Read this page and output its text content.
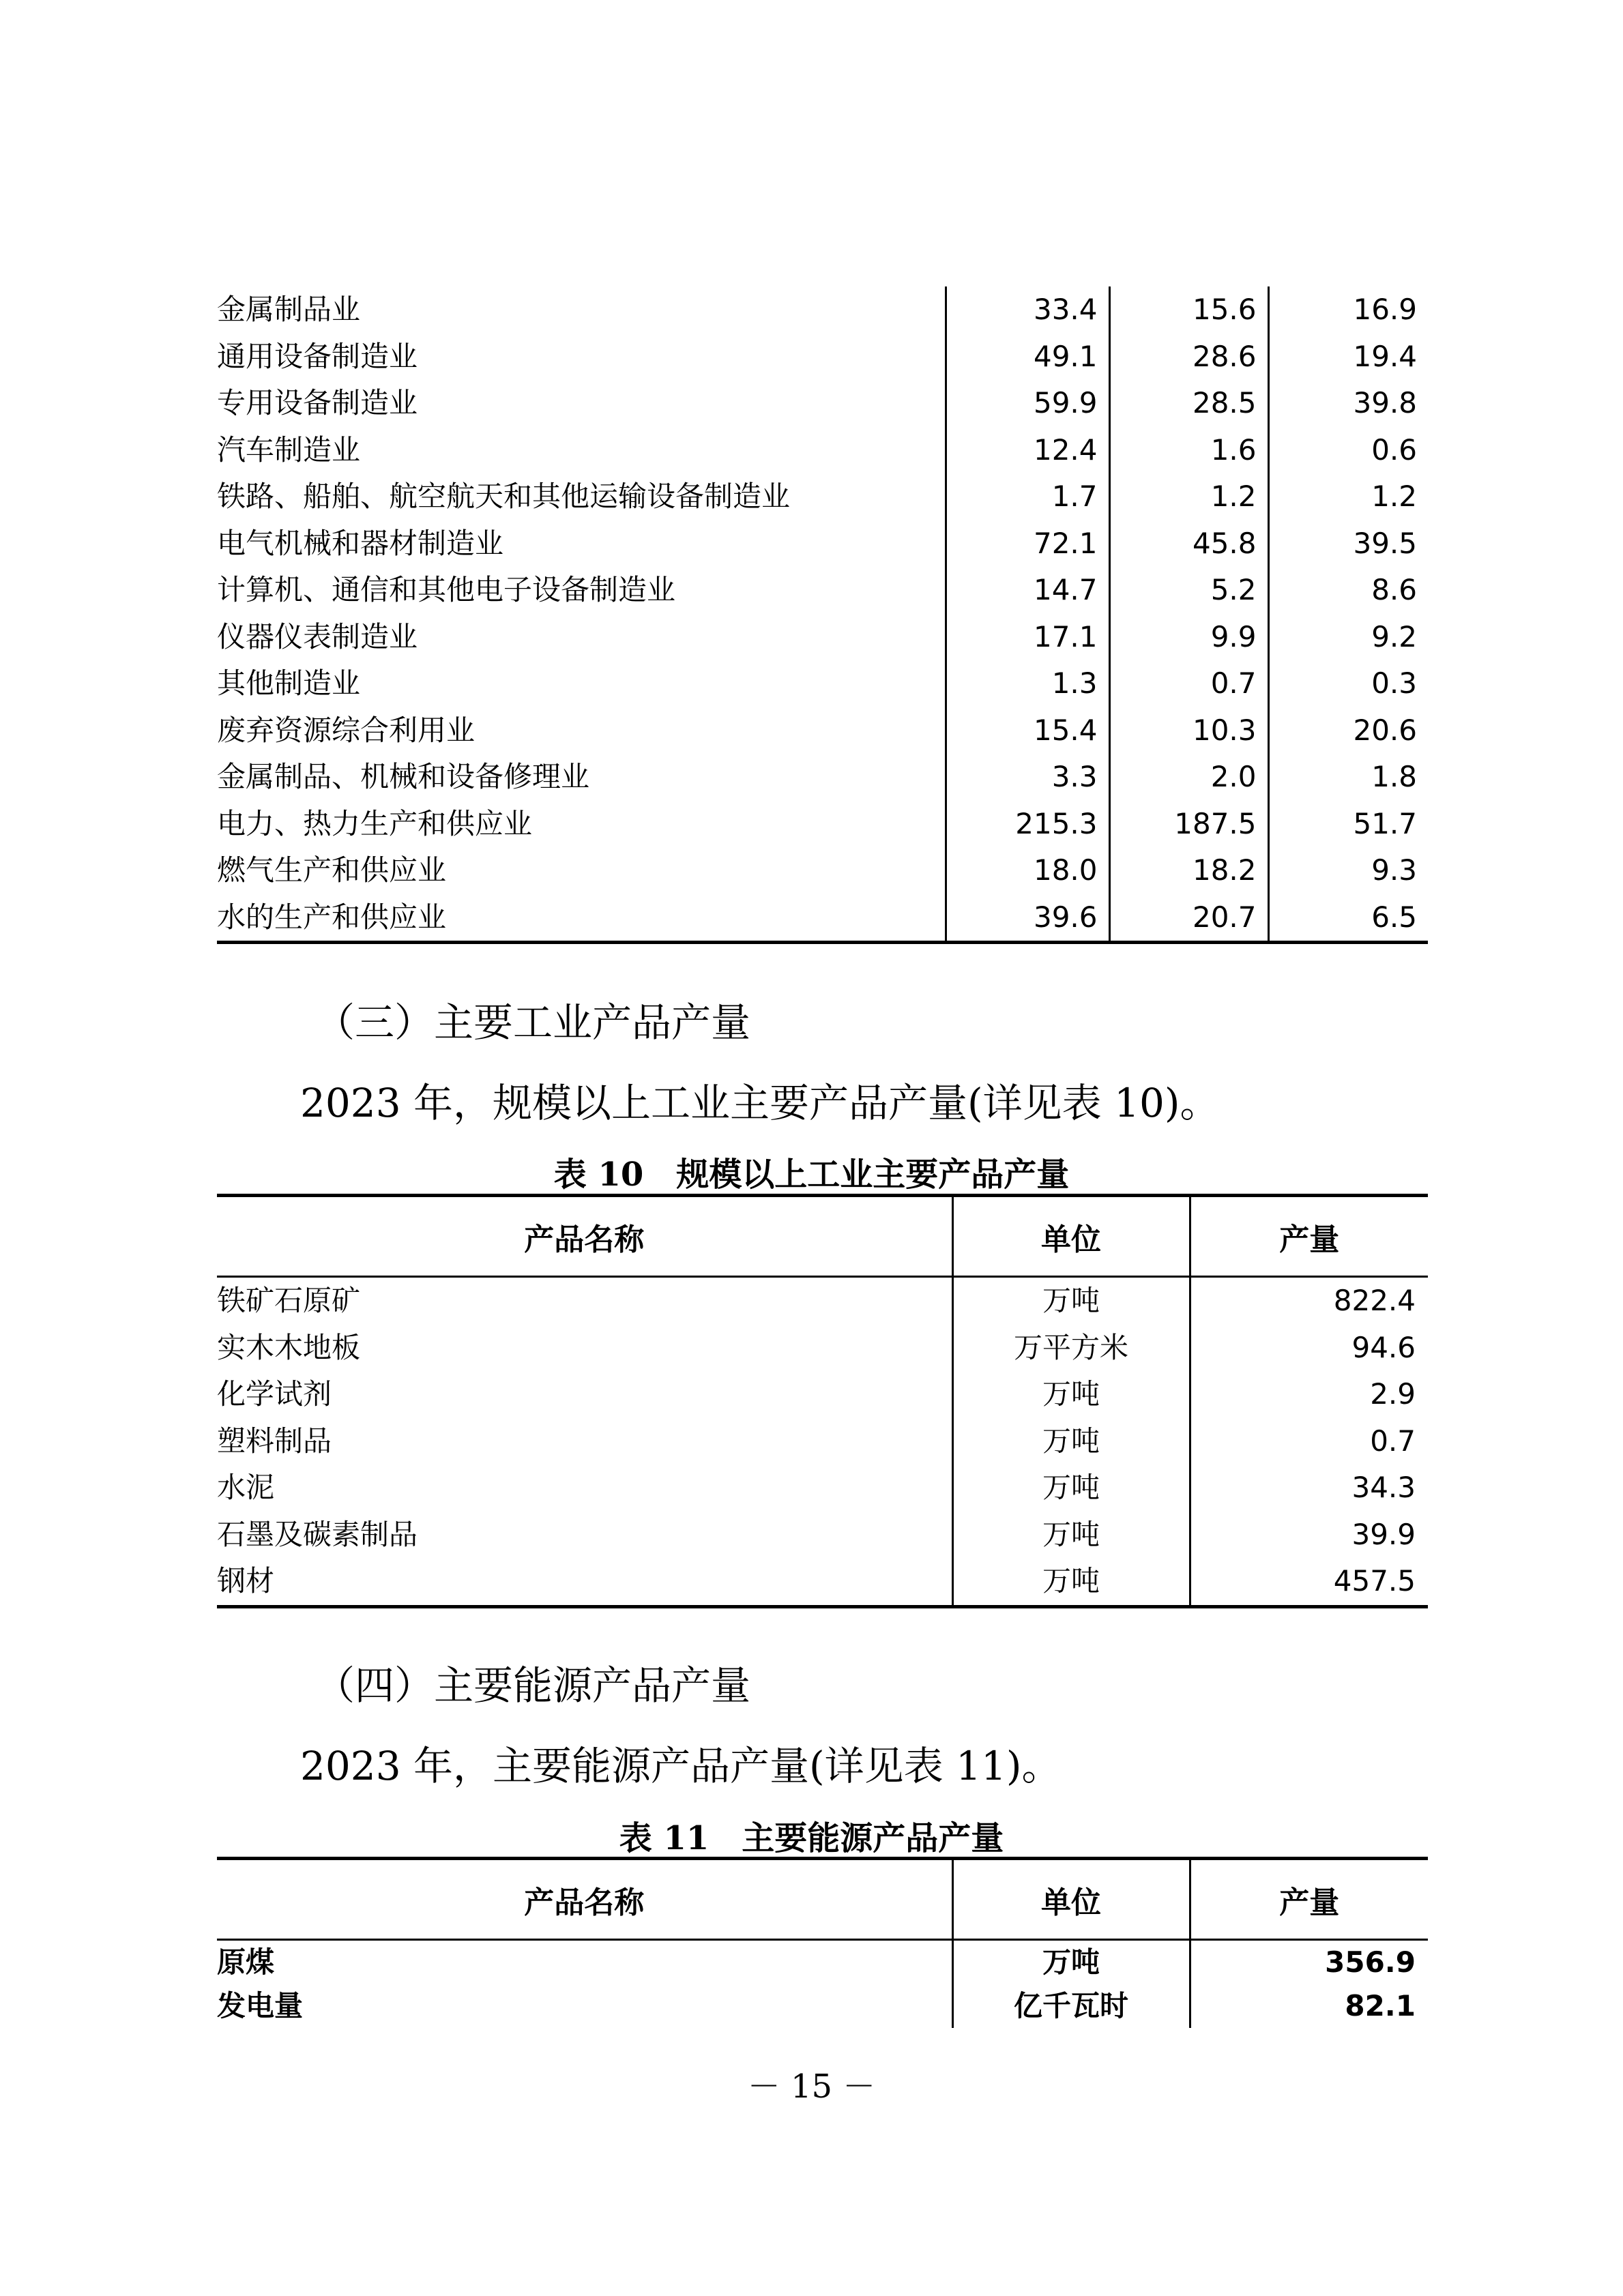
金属制品业	33.4	15.6	16.9
通用设备制造业	49.1	28.6	19.4
专用设备制造业	59.9	28.5	39.8
汽车制造业	12.4	1.6	0.6
铁路、船舶、航空航天和其他运输设备制造业	1.7	1.2	1.2
电气机械和器材制造业	72.1	45.8	39.5
计算机、通信和其他电子设备制造业	14.7	5.2	8.6
仪器仪表制造业	17.1	9.9	9.2
其他制造业	1.3	0.7	0.3
废弃资源综合利用业	15.4	10.3	20.6
金属制品、机械和设备修理业	3.3	2.0	1.8
电力、热力生产和供应业	215.3	187.5	51.7
燃气生产和供应业	18.0	18.2	9.3
水的生产和供应业	39.6	20.7	6.5
（三）主要工业产品产量
2023 年，规模以上工业主要产品产量(详见表 10)。
表 10　规模以上工业主要产品产量
产品名称	单位	产量
铁矿石原矿	万吨	822.4
实木木地板	万平方米	94.6
化学试剂	万吨	2.9
塑料制品	万吨	0.7
水泥	万吨	34.3
石墨及碳素制品	万吨	39.9
钢材	万吨	457.5
（四）主要能源产品产量
2023 年，主要能源产品产量(详见表 11)。
表 11　主要能源产品产量
产品名称	单位	产量
原煤	万吨	356.9
发电量	亿千瓦时	82.1
－ 15 －
